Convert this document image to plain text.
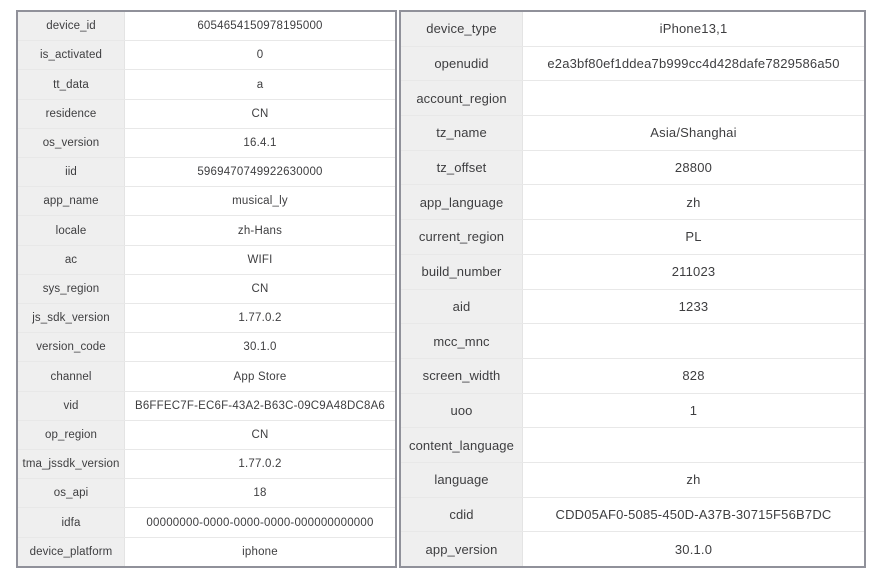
device_id	6054654150978195000
is_activated	0
tt_data	a
residence	CN
os_version	16.4.1
iid	5969470749922630000
app_name	musical_ly
locale	zh-Hans
ac	WIFI
sys_region	CN
js_sdk_version	1.77.0.2
version_code	30.1.0
channel	App Store
vid	B6FFEC7F-EC6F-43A2-B63C-09C9A48DC8A6
op_region	CN
tma_jssdk_version	1.77.0.2
os_api	18
idfa	00000000-0000-0000-0000-000000000000
device_platform	iphone
device_type	iPhone13,1
openudid	e2a3bf80ef1ddea7b999cc4d428dafe7829586a50
account_region
tz_name	Asia/Shanghai
tz_offset	28800
app_language	zh
current_region	PL
build_number	211023
aid	1233
mcc_mnc
screen_width	828
uoo	1
content_language
language	zh
cdid	CDD05AF0-5085-450D-A37B-30715F56B7DC
app_version	30.1.0
